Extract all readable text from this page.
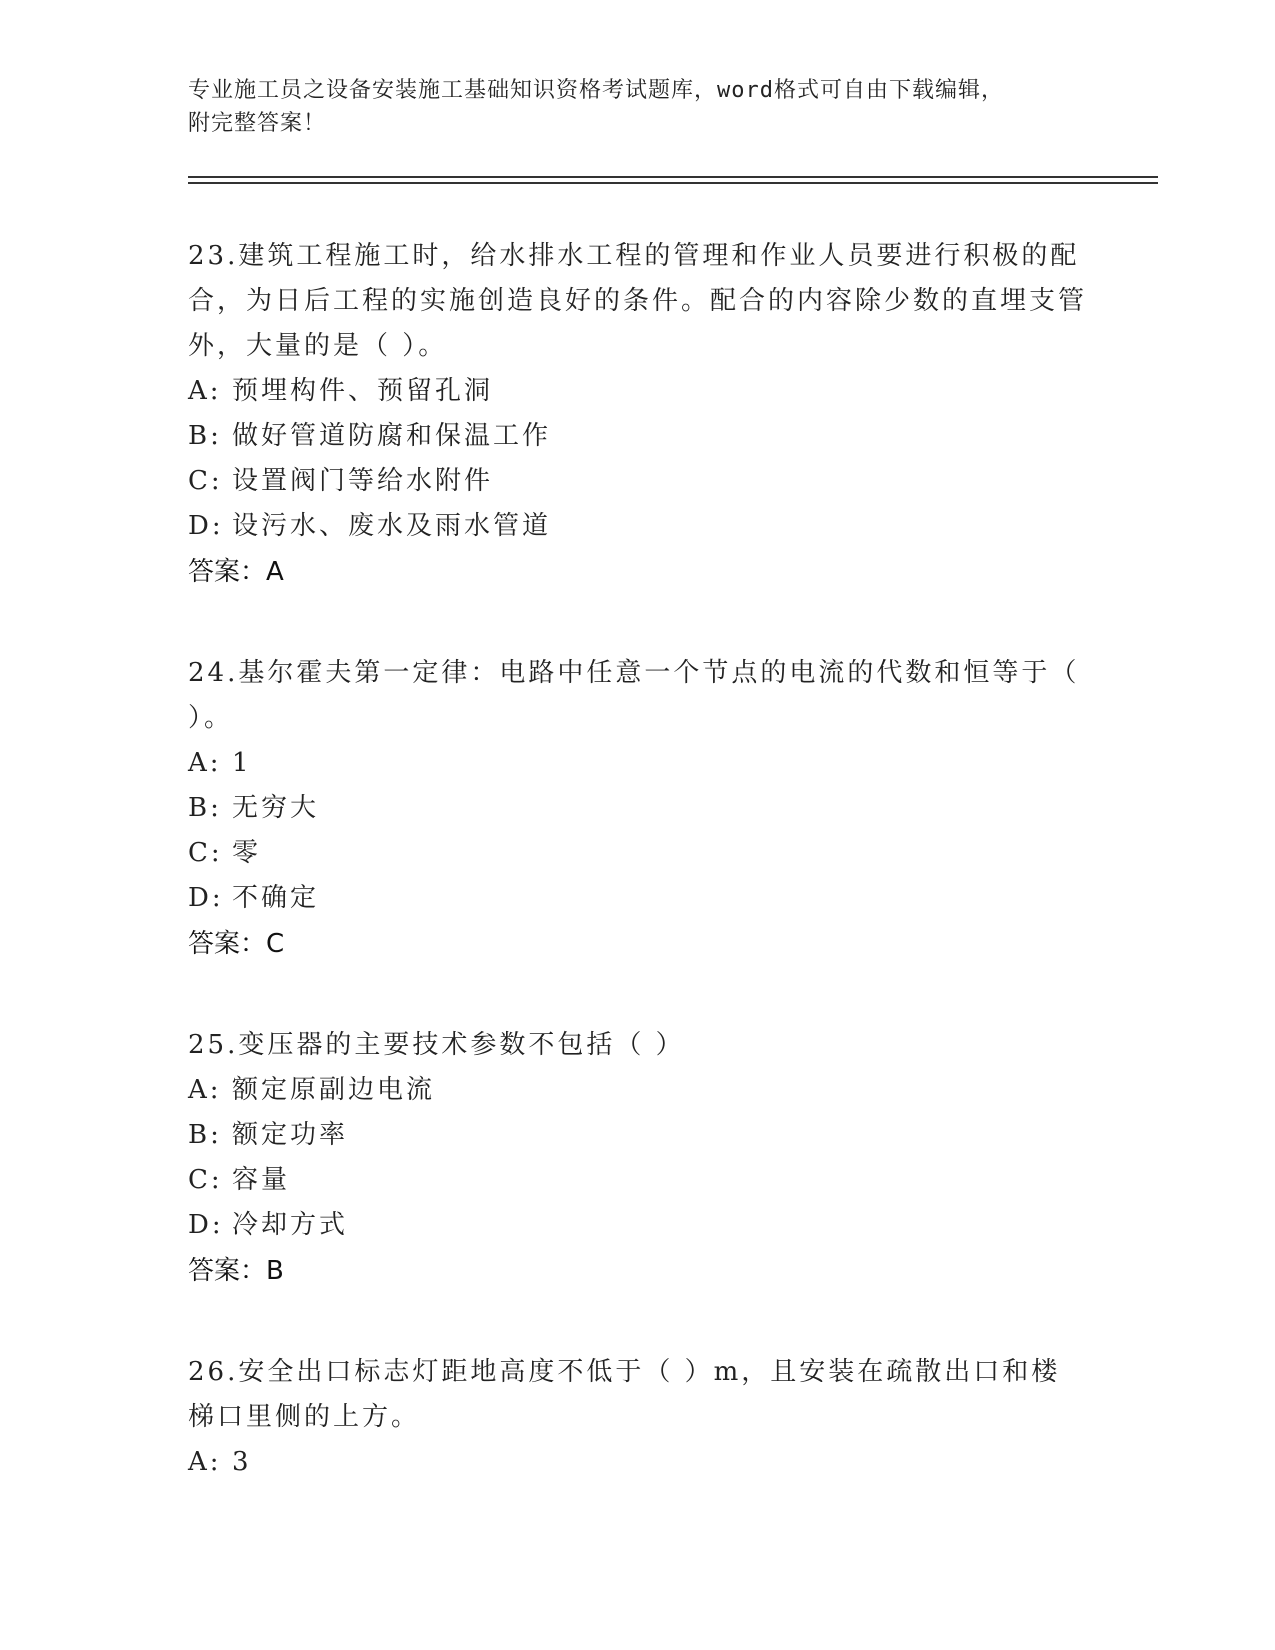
专业施工员之设备安装施工基础知识资格考试题库，word格式可自由下载编辑，
附完整答案！

23.建筑工程施工时，给水排水工程的管理和作业人员要进行积极的配合，为日后工程的实施创造良好的条件。配合的内容除少数的直埋支管外，大量的是（ ）。

A: 预埋构件、预留孔洞

B: 做好管道防腐和保温工作

C: 设置阀门等给水附件

D: 设污水、废水及雨水管道

答案：A

24.基尔霍夫第一定律：电路中任意一个节点的电流的代数和恒等于（ ）。

A: 1

B: 无穷大

C: 零

D: 不确定

答案：C

25.变压器的主要技术参数不包括（ ）

A: 额定原副边电流

B: 额定功率

C: 容量

D: 冷却方式

答案：B

26.安全出口标志灯距地高度不低于（ ）m，且安装在疏散出口和楼梯口里侧的上方。

A: 3
